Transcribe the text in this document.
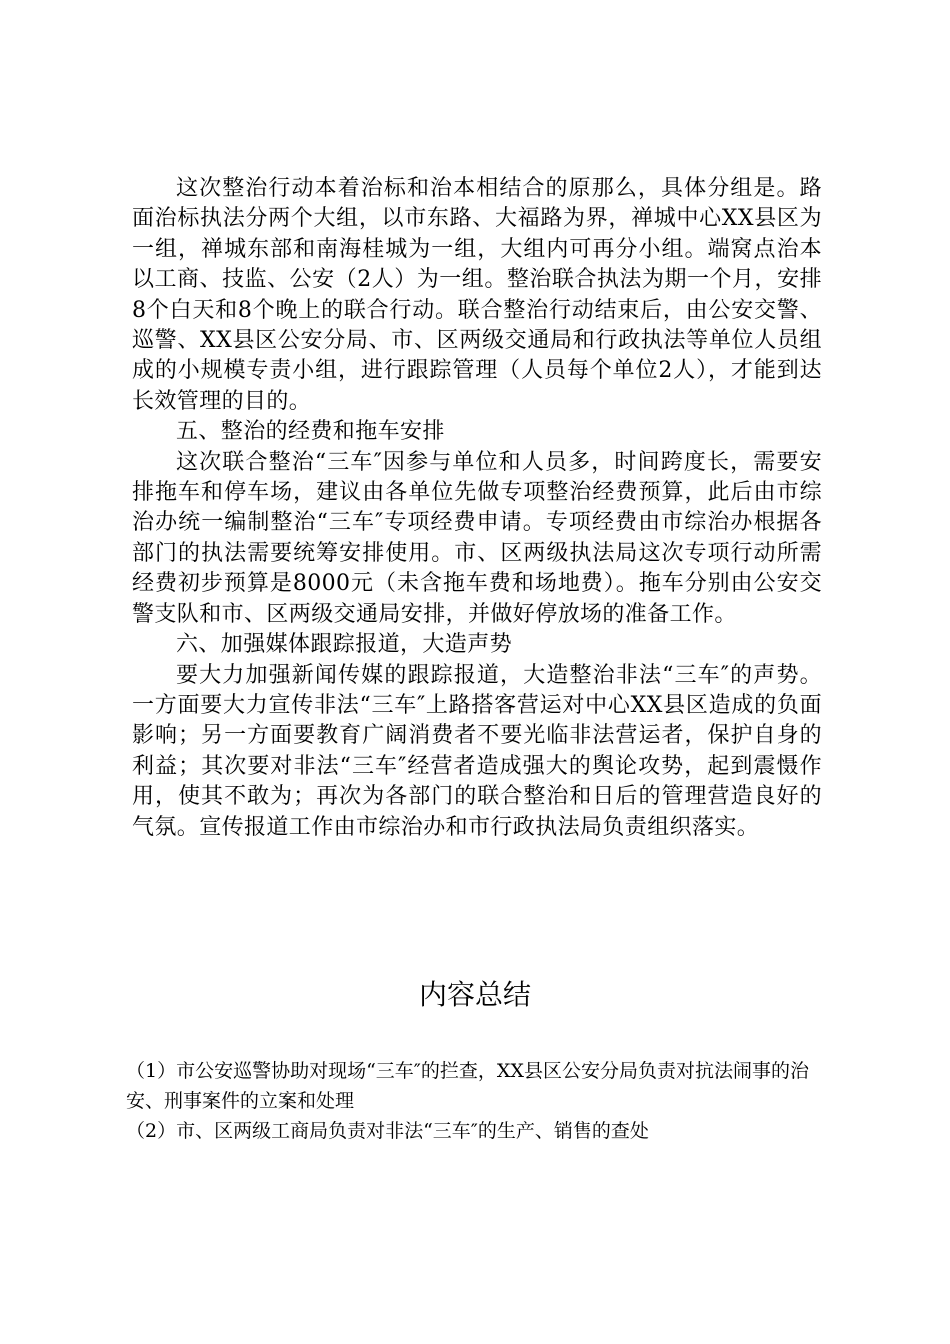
这次整治行动本着治标和治本相结合的原那么，具体分组是。路面治标执法分两个大组，以市东路、大福路为界，禅城中心XX县区为一组，禅城东部和南海桂城为一组，大组内可再分小组。端窝点治本以工商、技监、公安（2人）为一组。整治联合执法为期一个月，安排8个白天和8个晚上的联合行动。联合整治行动结束后，由公安交警、巡警、XX县区公安分局、市、区两级交通局和行政执法等单位人员组成的小规模专责小组，进行跟踪管理（人员每个单位2人），才能到达长效管理的目的。

五、整治的经费和拖车安排

这次联合整治“三车″因参与单位和人员多，时间跨度长，需要安排拖车和停车场，建议由各单位先做专项整治经费预算，此后由市综治办统一编制整治“三车″专项经费申请。专项经费由市综治办根据各部门的执法需要统筹安排使用。市、区两级执法局这次专项行动所需经费初步预算是8000元（未含拖车费和场地费）。拖车分别由公安交警支队和市、区两级交通局安排，并做好停放场的准备工作。

六、加强媒体跟踪报道，大造声势

要大力加强新闻传媒的跟踪报道，大造整治非法“三车″的声势。一方面要大力宣传非法“三车″上路搭客营运对中心XX县区造成的负面影响；另一方面要教育广阔消费者不要光临非法营运者，保护自身的利益；其次要对非法“三车″经营者造成强大的舆论攻势，起到震慑作用，使其不敢为；再次为各部门的联合整治和日后的管理营造良好的气氛。宣传报道工作由市综治办和市行政执法局负责组织落实。

内容总结

（1）市公安巡警协助对现场“三车″的拦查，XX县区公安分局负责对抗法闹事的治安、刑事案件的立案和处理

（2）市、区两级工商局负责对非法“三车″的生产、销售的查处
